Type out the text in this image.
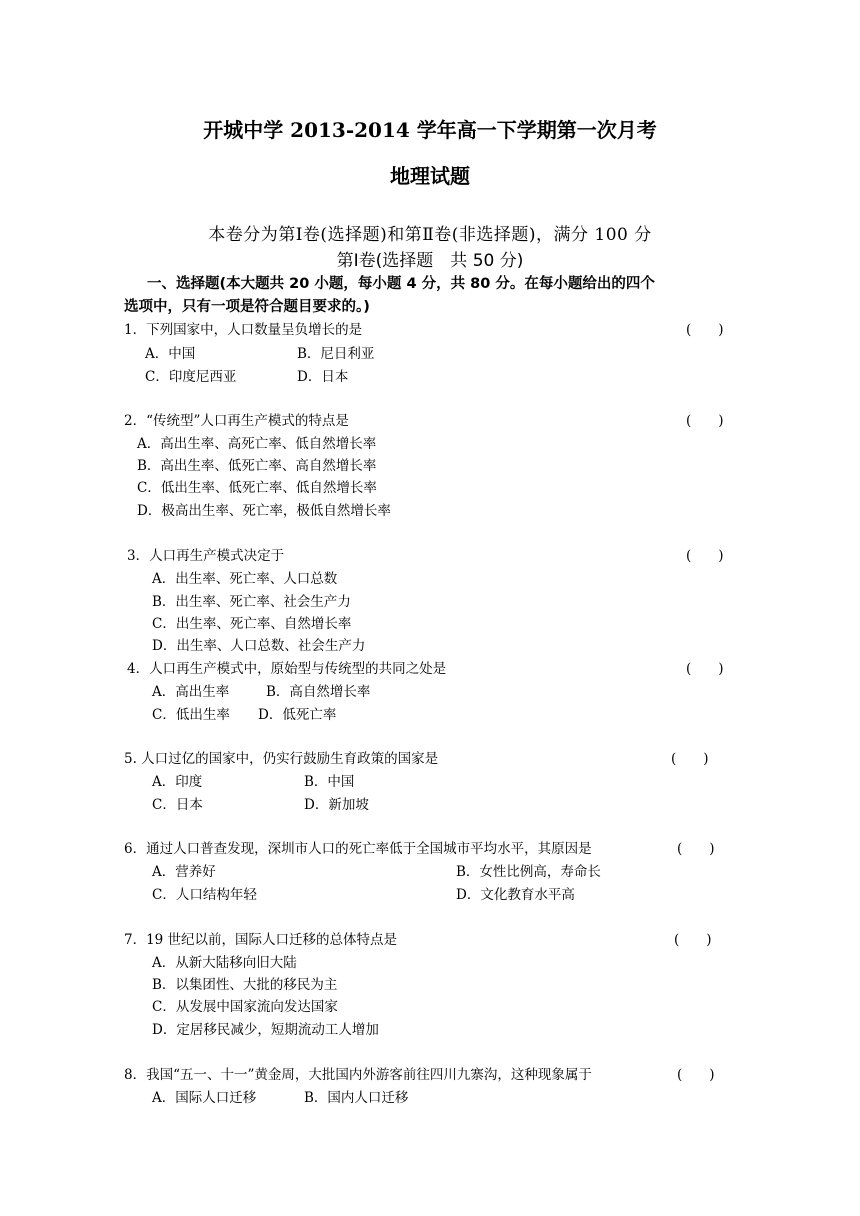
开城中学 2013-2014 学年高一下学期第一次月考
地理试题
本卷分为第Ⅰ卷(选择题)和第Ⅱ卷(非选择题)，满分 100 分
第Ⅰ卷(选择题　共 50 分)
一、选择题(本大题共 20 小题，每小题 4 分，共 80 分。在每小题给出的四个
选项中，只有一项是符合题目要求的。)
1．下列国家中，人口数量呈负增长的是	(　　)
A．中国	B．尼日利亚
C．印度尼西亚	D．日本
2．“传统型”人口再生产模式的特点是	(　　)
A．高出生率、高死亡率、低自然增长率
B．高出生率、低死亡率、高自然增长率
C．低出生率、低死亡率、低自然增长率
D．极高出生率、死亡率，极低自然增长率
3．人口再生产模式决定于	(　　)
A．出生率、死亡率、人口总数
B．出生率、死亡率、社会生产力
C．出生率、死亡率、自然增长率
D．出生率、人口总数、社会生产力
4．人口再生产模式中，原始型与传统型的共同之处是	(　　)
A．高出生率	B．高自然增长率
C．低出生率 D．低死亡率
5. 人口过亿的国家中，仍实行鼓励生育政策的国家是	(　　)
A．印度	B．中国
C．日本	D．新加坡
6．通过人口普查发现，深圳市人口的死亡率低于全国城市平均水平，其原因是	(　　)
A．营养好	B．女性比例高，寿命长
C．人口结构年轻	D．文化教育水平高
7．19 世纪以前，国际人口迁移的总体特点是	(　　)
A．从新大陆移向旧大陆
B．以集团性、大批的移民为主
C．从发展中国家流向发达国家
D．定居移民减少，短期流动工人增加
8．我国“五一、十一”黄金周，大批国内外游客前往四川九寨沟，这种现象属于	(　　)
A．国际人口迁移	B．国内人口迁移
